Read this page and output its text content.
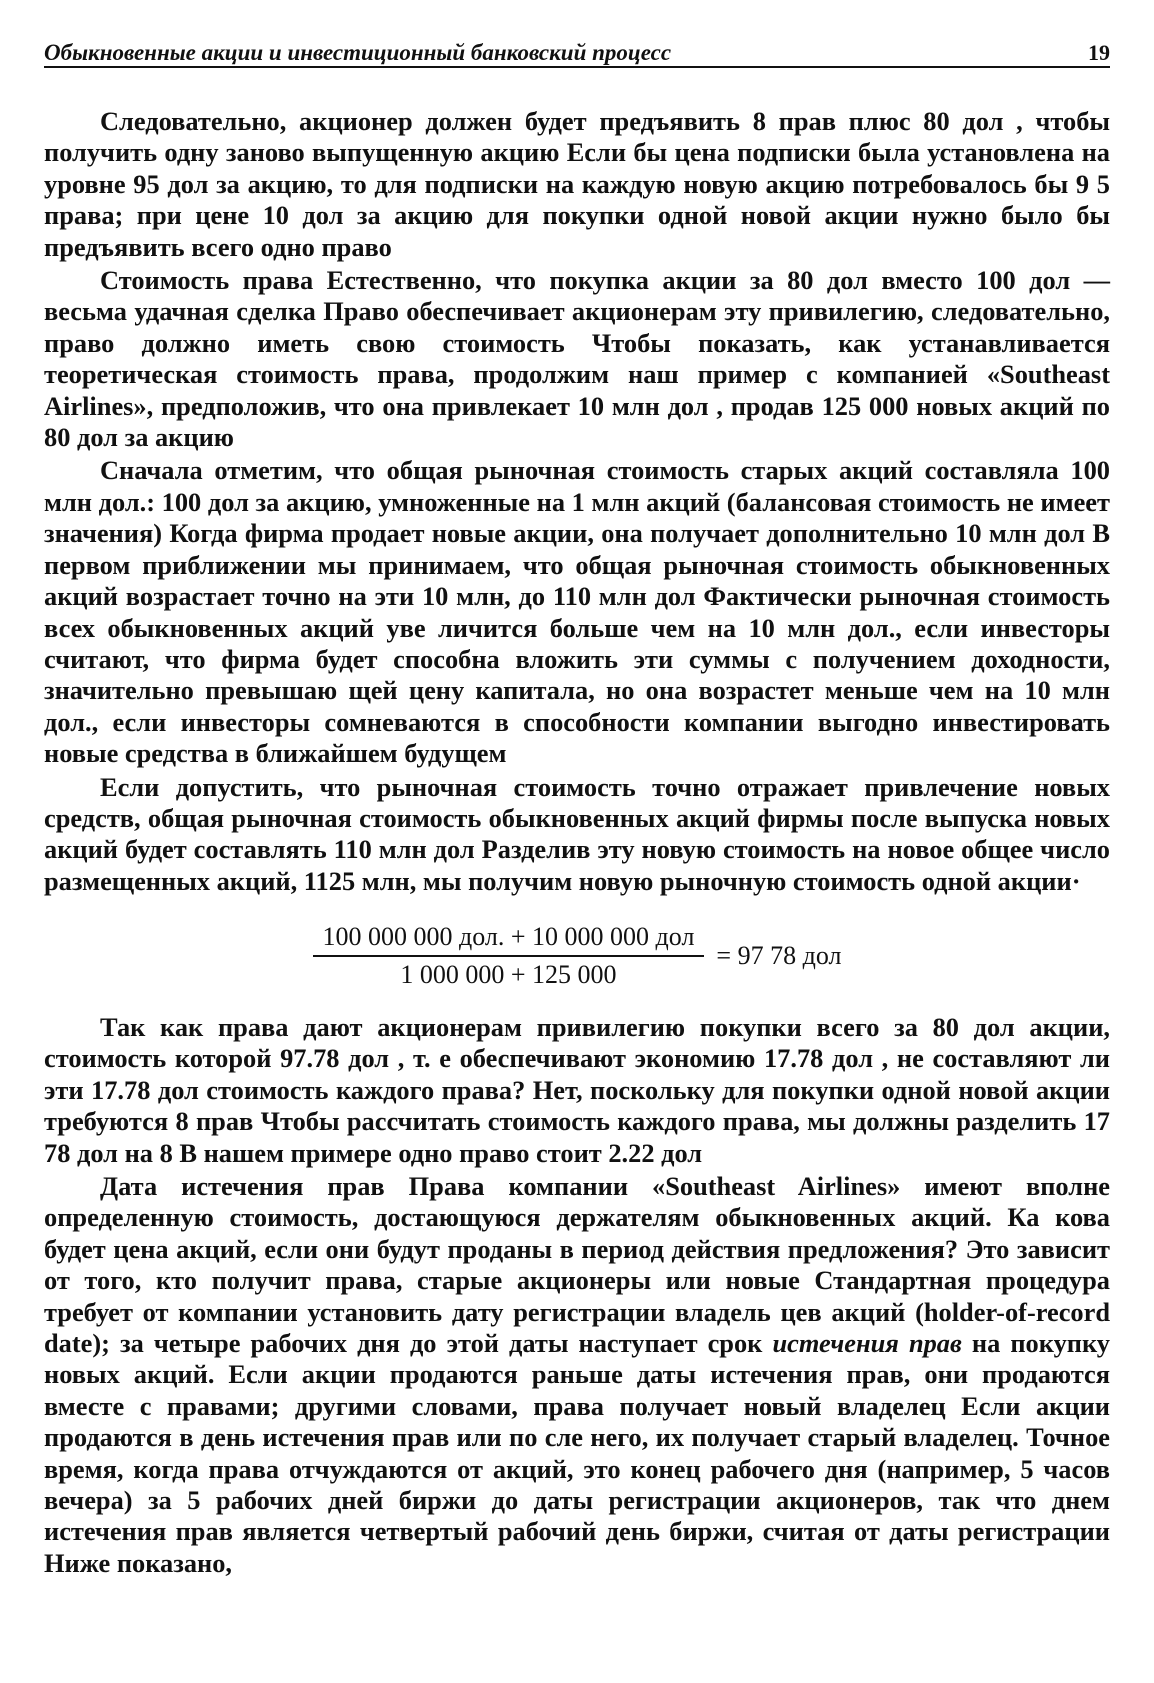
Обыкновенные акции и инвестиционный банковский процесс	19

Следовательно, акционер должен будет предъявить 8 прав плюс 80 дол , чтобы получить одну заново выпущенную акцию Если бы цена подписки была установлена на уровне 95 дол за акцию, то для подписки на каждую новую акцию потребовалось бы 9 5 права; при цене 10 дол за акцию для покупки одной новой акции нужно было бы предъявить всего одно право

Стоимость права Естественно, что покупка акции за 80 дол вместо 100 дол — весьма удачная сделка Право обеспечивает акционерам эту привилегию, следовательно, право должно иметь свою стоимость Чтобы показать, как устанавливается теоретическая стоимость права, продолжим наш пример с компанией «Southeast Airlines», предположив, что она привлекает 10 млн дол , продав 125 000 новых акций по 80 дол за акцию

Сначала отметим, что общая рыночная стоимость старых акций составляла 100 млн дол.: 100 дол за акцию, умноженные на 1 млн акций (балансовая стоимость не имеет значения) Когда фирма продает новые акции, она получает дополнительно 10 млн дол В первом приближении мы принимаем, что общая рыночная стоимость обыкновенных акций возрастает точно на эти 10 млн, до 110 млн дол Фактически рыночная стоимость всех обыкновенных акций уве личится больше чем на 10 млн дол., если инвесторы считают, что фирма будет способна вложить эти суммы с получением доходности, значительно превышаю щей цену капитала, но она возрастет меньше чем на 10 млн дол., если инвесторы сомневаются в способности компании выгодно инвестировать новые средства в ближайшем будущем

Если допустить, что рыночная стоимость точно отражает привлечение новых средств, общая рыночная стоимость обыкновенных акций фирмы после выпуска новых акций будет составлять 110 млн дол Разделив эту новую стоимость на новое общее число размещенных акций, 1125 млн, мы получим новую рыночную стоимость одной акции·

$\frac{\text{100 000 000 дол. + 10 000 000 дол}}{1 000 000 + 125 000} = 97$ 78 дол

Так как права дают акционерам привилегию покупки всего за 80 дол акции, стоимость которой 97.78 дол , т. е обеспечивают экономию 17.78 дол , не составляют ли эти 17.78 дол стоимость каждого права? Нет, поскольку для покупки одной новой акции требуются 8 прав Чтобы рассчитать стоимость каждого права, мы должны разделить 17 78 дол на 8 В нашем примере одно право стоит 2.22 дол

Дата истечения прав Права компании «Southeast Airlines» имеют вполне определенную стоимость, достающуюся держателям обыкновенных акций. Ка кова будет цена акций, если они будут проданы в период действия предложения? Это зависит от того, кто получит права, старые акционеры или новые Стандартная процедура требует от компании установить дату регистрации владель цев акций (holder-of-record date); за четыре рабочих дня до этой даты наступает срок истечения прав на покупку новых акций. Если акции продаются раньше даты истечения прав, они продаются вместе с правами; другими словами, права получает новый владелец Если акции продаются в день истечения прав или по сле него, их получает старый владелец. Точное время, когда права отчуждаются от акций, это конец рабочего дня (например, 5 часов вечера) за 5 рабочих дней биржи до даты регистрации акционеров, так что днем истечения прав является четвертый рабочий день биржи, считая от даты регистрации Ниже показано,
